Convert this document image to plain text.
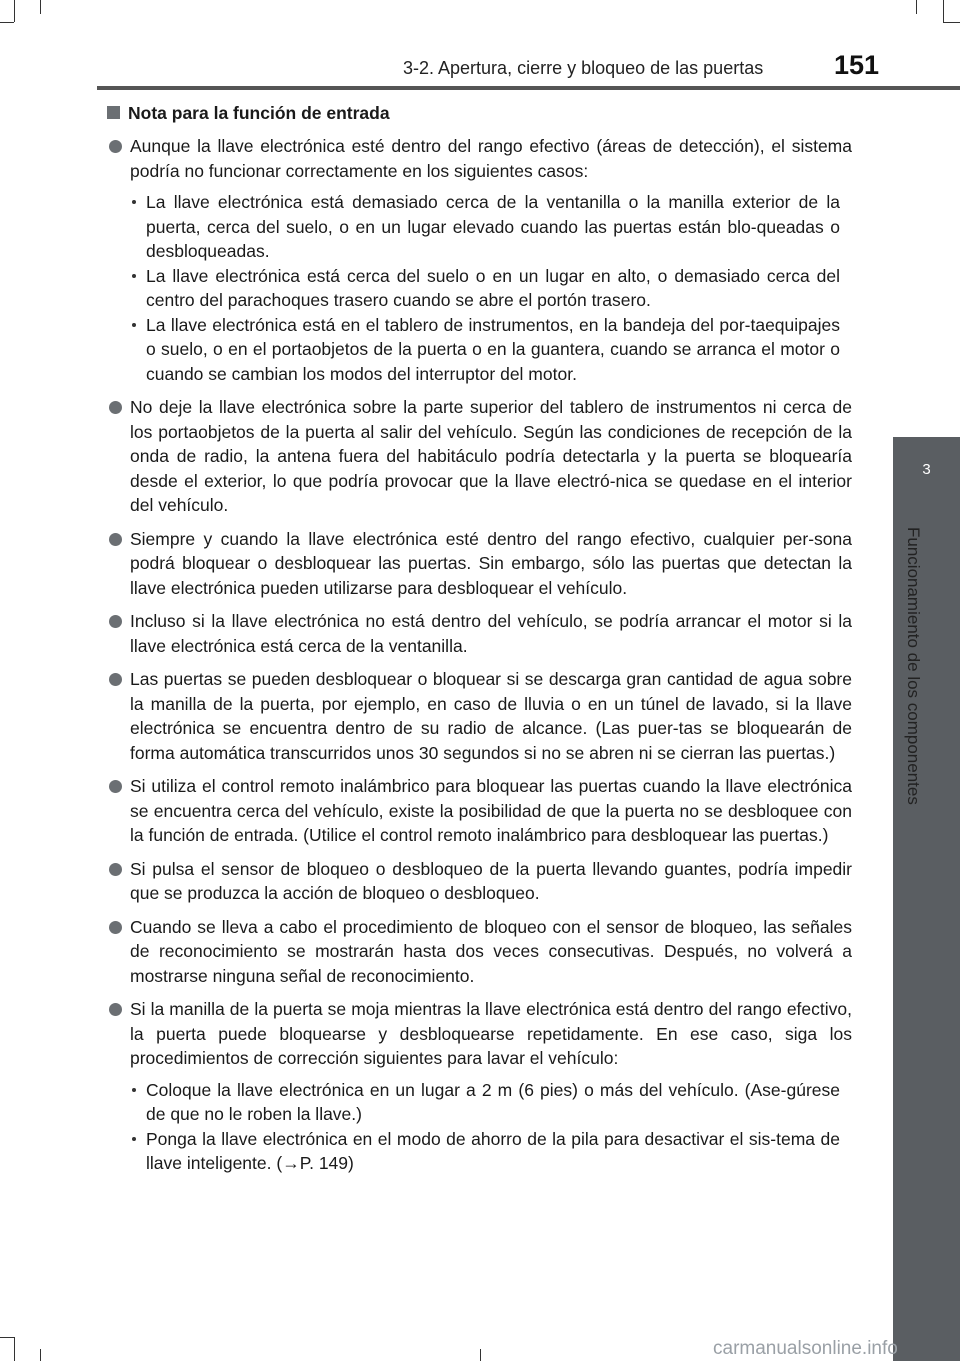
3-2. Apertura, cierre y bloqueo de las puertas	151
3
Funcionamiento de los componentes
Nota para la función de entrada
Aunque la llave electrónica esté dentro del rango efectivo (áreas de detección), el sistema podría no funcionar correctamente en los siguientes casos:
La llave electrónica está demasiado cerca de la ventanilla o la manilla exterior de la puerta, cerca del suelo, o en un lugar elevado cuando las puertas están blo-queadas o desbloqueadas.
La llave electrónica está cerca del suelo o en un lugar en alto, o demasiado cerca del centro del parachoques trasero cuando se abre el portón trasero.
La llave electrónica está en el tablero de instrumentos, en la bandeja del por-taequipajes o suelo, o en el portaobjetos de la puerta o en la guantera, cuando se arranca el motor o cuando se cambian los modos del interruptor del motor.
No deje la llave electrónica sobre la parte superior del tablero de instrumentos ni cerca de los portaobjetos de la puerta al salir del vehículo. Según las condiciones de recepción de la onda de radio, la antena fuera del habitáculo podría detectarla y la puerta se bloquearía desde el exterior, lo que podría provocar que la llave electró-nica se quedase en el interior del vehículo.
Siempre y cuando la llave electrónica esté dentro del rango efectivo, cualquier per-sona podrá bloquear o desbloquear las puertas. Sin embargo, sólo las puertas que detectan la llave electrónica pueden utilizarse para desbloquear el vehículo.
Incluso si la llave electrónica no está dentro del vehículo, se podría arrancar el motor si la llave electrónica está cerca de la ventanilla.
Las puertas se pueden desbloquear o bloquear si se descarga gran cantidad de agua sobre la manilla de la puerta, por ejemplo, en caso de lluvia o en un túnel de lavado, si la llave electrónica se encuentra dentro de su radio de alcance. (Las puer-tas se bloquearán de forma automática transcurridos unos 30 segundos si no se abren ni se cierran las puertas.)
Si utiliza el control remoto inalámbrico para bloquear las puertas cuando la llave electrónica se encuentra cerca del vehículo, existe la posibilidad de que la puerta no se desbloquee con la función de entrada. (Utilice el control remoto inalámbrico para desbloquear las puertas.)
Si pulsa el sensor de bloqueo o desbloqueo de la puerta llevando guantes, podría impedir que se produzca la acción de bloqueo o desbloqueo.
Cuando se lleva a cabo el procedimiento de bloqueo con el sensor de bloqueo, las señales de reconocimiento se mostrarán hasta dos veces consecutivas. Después, no volverá a mostrarse ninguna señal de reconocimiento.
Si la manilla de la puerta se moja mientras la llave electrónica está dentro del rango efectivo, la puerta puede bloquearse y desbloquearse repetidamente. En ese caso, siga los procedimientos de corrección siguientes para lavar el vehículo:
Coloque la llave electrónica en un lugar a 2 m (6 pies) o más del vehículo. (Ase-gúrese de que no le roben la llave.)
Ponga la llave electrónica en el modo de ahorro de la pila para desactivar el sis-tema de llave inteligente. (→P. 149)
carmanualsonline.info
